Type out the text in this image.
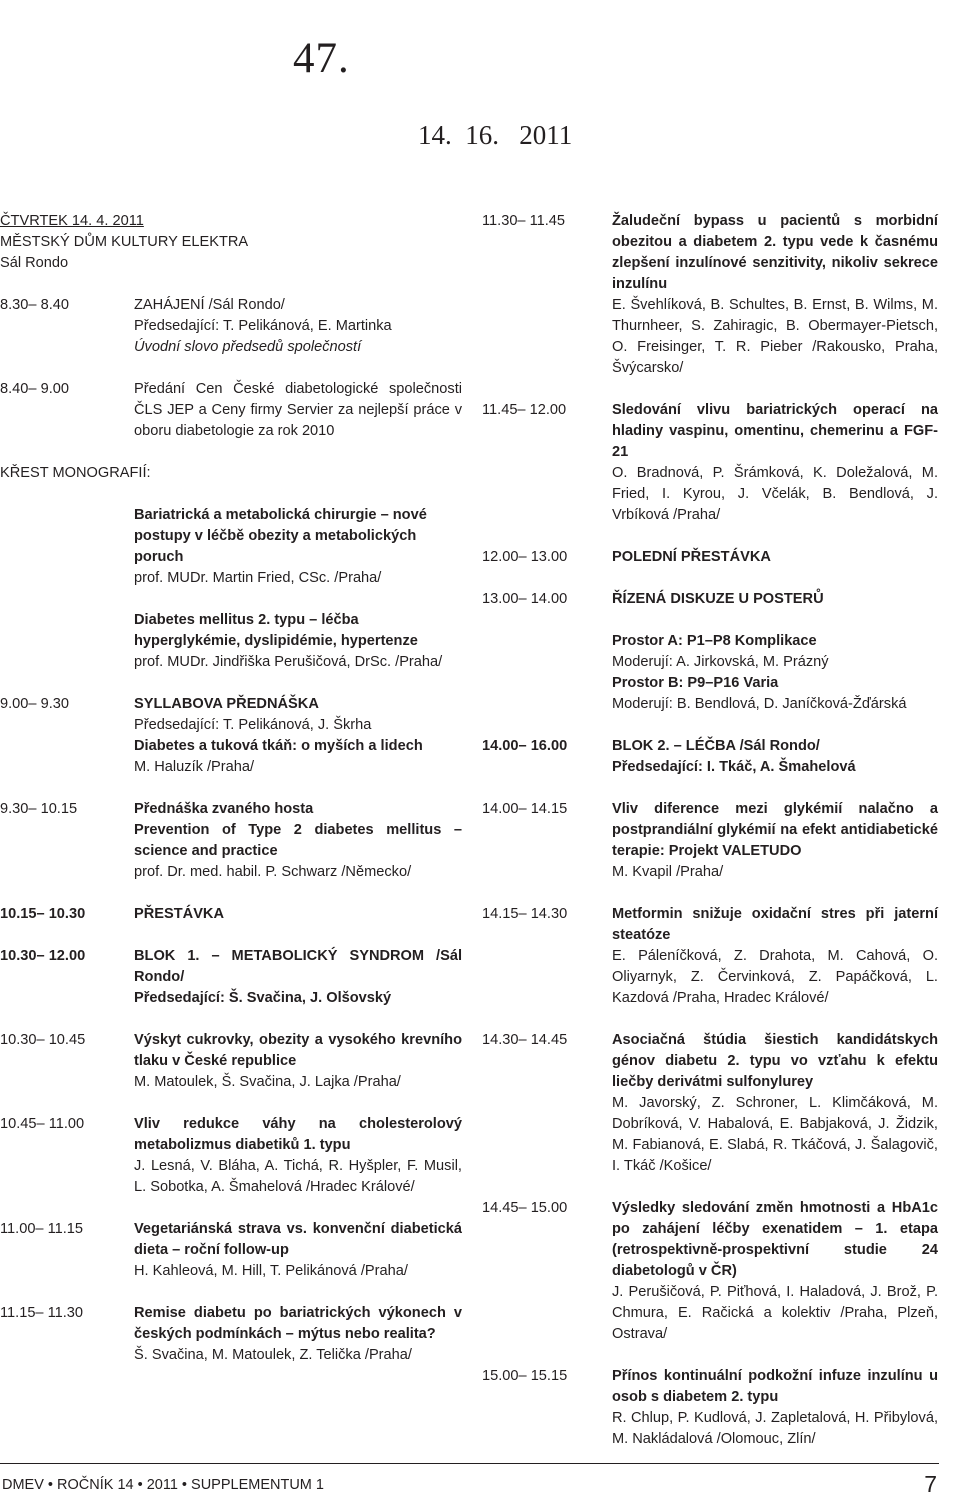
47.
14.  16.   2011
ČTVRTEK 14. 4. 2011
MĚSTSKÝ DŮM KULTURY ELEKTRA
Sál Rondo
8.30– 8.40	ZAHÁJENÍ /Sál Rondo/
Předsedající: T. Pelikánová, E. Martinka
Úvodní slovo předsedů společností
8.40– 9.00	Předání Cen České diabetologické společnosti ČLS JEP a Ceny firmy Servier za nejlepší práce v oboru diabetologie za rok 2010
KŘEST MONOGRAFIÍ:
Bariatrická a metabolická chirurgie – nové postupy v léčbě obezity a metabolických poruch
prof. MUDr. Martin Fried, CSc. /Praha/
Diabetes mellitus 2. typu – léčba hyperglykémie, dyslipidémie, hypertenze
prof. MUDr. Jindřiška Perušičová, DrSc. /Praha/
9.00– 9.30	SYLLABOVA PŘEDNÁŠKA
Předsedající: T. Pelikánová, J. Škrha
Diabetes a tuková tkáň: o myších a lidech
M. Haluzík /Praha/
9.30– 10.15	Přednáška zvaného hosta
Prevention of Type 2 diabetes mellitus – science and practice
prof. Dr. med. habil. P. Schwarz /Německo/
10.15– 10.30	PŘESTÁVKA
10.30– 12.00	BLOK 1. – METABOLICKÝ SYNDROM /Sál Rondo/
Předsedající: Š. Svačina, J. Olšovský
10.30– 10.45	Výskyt cukrovky, obezity a vysokého krevního tlaku v České republice
M. Matoulek, Š. Svačina, J. Lajka /Praha/
10.45– 11.00	Vliv redukce váhy na cholesterolový metabolizmus diabetiků 1. typu
J. Lesná, V. Bláha, A. Tichá, R. Hyšpler, F. Musil, L. Sobotka, A. Šmahelová /Hradec Králové/
11.00– 11.15	Vegetariánská strava vs. konvenční diabetická dieta – roční follow-up
H. Kahleová, M. Hill, T. Pelikánová /Praha/
11.15– 11.30	Remise diabetu po bariatrických výkonech v českých podmínkách – mýtus nebo realita?
Š. Svačina, M. Matoulek, Z. Telička /Praha/
11.30– 11.45	Žaludeční bypass u pacientů s morbidní obezitou a diabetem 2. typu vede k časnému zlepšení inzulínové senzitivity, nikoliv sekrece inzulínu
E. Švehlíková, B. Schultes, B. Ernst, B. Wilms, M. Thurnheer, S. Zahiragic, B. Obermayer-Pietsch, O. Freisinger, T. R. Pieber /Rakousko, Praha, Švýcarsko/
11.45– 12.00	Sledování vlivu bariatrických operací na hladiny vaspinu, omentinu, chemerinu a FGF-21
O. Bradnová, P. Šrámková, K. Doležalová, M. Fried, I. Kyrou, J. Včelák, B. Bendlová, J. Vrbíková /Praha/
12.00– 13.00	POLEDNÍ PŘESTÁVKA
13.00– 14.00	ŘÍZENÁ DISKUZE U POSTERŮ
Prostor A: P1–P8 Komplikace
Moderují: A. Jirkovská, M. Prázný
Prostor B: P9–P16 Varia
Moderují: B. Bendlová, D. Janíčková-Žďárská
14.00– 16.00	BLOK 2. – LÉČBA /Sál Rondo/
Předsedající: I. Tkáč, A. Šmahelová
14.00– 14.15	Vliv diference mezi glykémií nalačno a postprandiální glykémií na efekt antidiabetické terapie: Projekt VALETUDO
M. Kvapil /Praha/
14.15– 14.30	Metformin snižuje oxidační stres při jaterní steatóze
E. Páleníčková, Z. Drahota, M. Cahová, O. Oliyarnyk, Z. Červinková, Z. Papáčková, L. Kazdová /Praha, Hradec Králové/
14.30– 14.45	Asociačná štúdia šiestich kandidátskych génov diabetu 2. typu vo vzťahu k efektu liečby derivátmi sulfonylurey
M. Javorský, Z. Schroner, L. Klimčáková, M. Dobríková, V. Habalová, E. Babjaková, J. Židzik, M. Fabianová, E. Slabá, R. Tkáčová, J. Šalagovič, I. Tkáč /Košice/
14.45– 15.00	Výsledky sledování změn hmotnosti a HbA1c po zahájení léčby exenatidem – 1. etapa (retrospektivně-prospektivní studie 24 diabetologů v ČR)
J. Perušičová, P. Piťhová, I. Haladová, J. Brož, P. Chmura, E. Račická a kolektiv /Praha, Plzeň, Ostrava/
15.00– 15.15	Přínos kontinuální podkožní infuze inzulínu u osob s diabetem 2. typu
R. Chlup, P. Kudlová, J. Zapletalová, H. Přibylová, M. Nakládalová /Olomouc, Zlín/
DMEV • ROČNÍK 14 • 2011 • SUPPLEMENTUM 1	7
